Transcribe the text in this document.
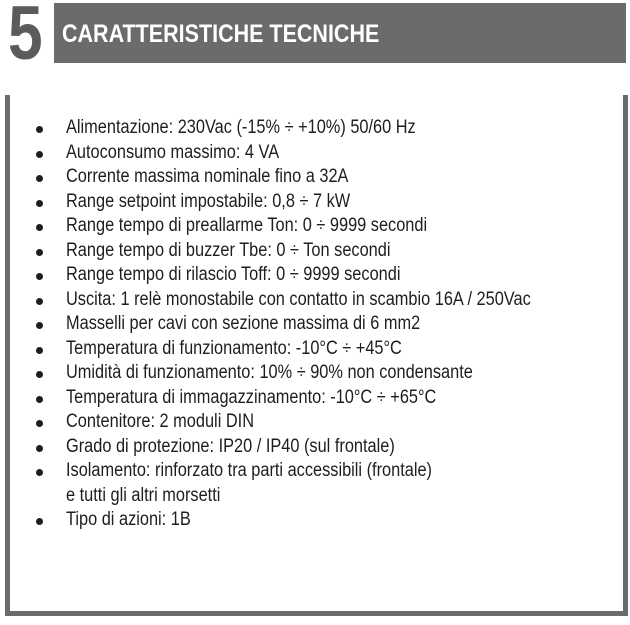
5 CARATTERISTICHE TECNICHE
Alimentazione: 230Vac (-15% ÷ +10%) 50/60 Hz
Autoconsumo massimo: 4 VA
Corrente massima nominale fino a 32A
Range setpoint impostabile: 0,8 ÷ 7 kW
Range tempo di preallarme Ton: 0 ÷ 9999 secondi
Range tempo di buzzer Tbe: 0 ÷ Ton secondi
Range tempo di rilascio Toff: 0 ÷ 9999 secondi
Uscita: 1 relè monostabile con contatto in scambio 16A / 250Vac
Masselli per cavi con sezione massima di 6 mm2
Temperatura di funzionamento: -10°C ÷ +45°C
Umidità di funzionamento: 10% ÷ 90% non condensante
Temperatura di immagazzinamento: -10°C ÷ +65°C
Contenitore: 2 moduli DIN
Grado di protezione: IP20 / IP40 (sul frontale)
Isolamento: rinforzato tra parti accessibili (frontale)
e tutti gli altri morsetti
Tipo di azioni: 1B
